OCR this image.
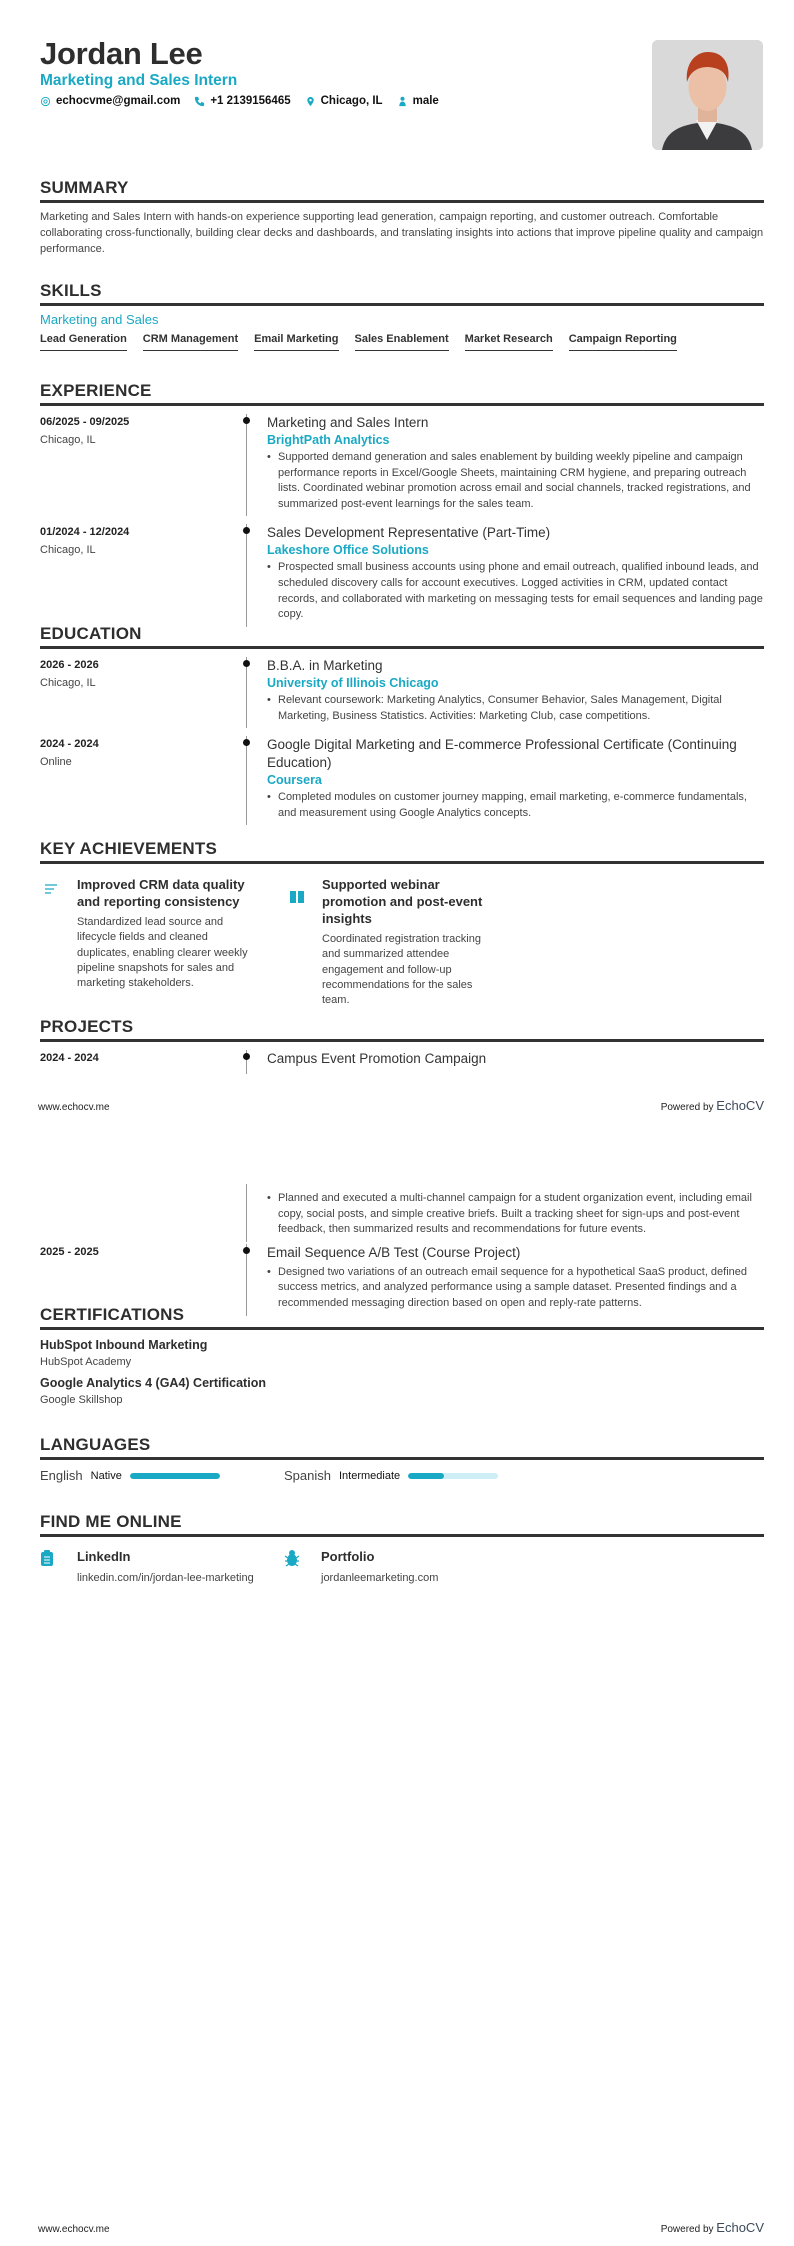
Jordan Lee
Marketing and Sales Intern
echocvme@gmail.com	+1 2139156465	Chicago, IL	male
SUMMARY

Marketing and Sales Intern with hands-on experience supporting lead generation, campaign reporting, and customer outreach. Comfortable collaborating cross-functionally, building clear decks and dashboards, and translating insights into actions that improve pipeline quality and campaign performance.

SKILLS
Marketing and Sales
Lead Generation CRM Management Email Marketing Sales Enablement Market Research Campaign Reporting
EXPERIENCE
06/2025 - 09/2025
Chicago, IL
Marketing and Sales Intern
BrightPath Analytics
• Supported demand generation and sales enablement by building weekly pipeline and campaign performance reports in Excel/Google Sheets, maintaining CRM hygiene, and preparing outreach lists. Coordinated webinar promotion across email and social channels, tracked registrations, and summarized post-event learnings for the sales team.
01/2024 - 12/2024
Chicago, IL
Sales Development Representative (Part-Time)
Lakeshore Office Solutions
• Prospected small business accounts using phone and email outreach, qualified inbound leads, and scheduled discovery calls for account executives. Logged activities in CRM, updated contact records, and collaborated with marketing on messaging tests for email sequences and landing page copy.
EDUCATION
2026 - 2026
Chicago, IL
B.B.A. in Marketing
University of Illinois Chicago
• Relevant coursework: Marketing Analytics, Consumer Behavior, Sales Management, Digital Marketing, Business Statistics. Activities: Marketing Club, case competitions.
2024 - 2024
Online
Google Digital Marketing and E-commerce Professional Certificate (Continuing Education)
Coursera
• Completed modules on customer journey mapping, email marketing, e-commerce fundamentals, and measurement using Google Analytics concepts.
KEY ACHIEVEMENTS
Improved CRM data quality and reporting consistency
Standardized lead source and lifecycle fields and cleaned duplicates, enabling clearer weekly pipeline snapshots for sales and marketing stakeholders.
Supported webinar promotion and post-event insights
Coordinated registration tracking and summarized attendee engagement and follow-up recommendations for the sales team.
PROJECTS
2024 - 2024	Campus Event Promotion Campaign
• Planned and executed a multi-channel campaign for a student organization event, including email copy, social posts, and simple creative briefs. Built a tracking sheet for sign-ups and post-event feedback, then summarized results and recommendations for future events.
2025 - 2025	Email Sequence A/B Test (Course Project)
• Designed two variations of an outreach email sequence for a hypothetical SaaS product, defined success metrics, and analyzed performance using a sample dataset. Presented findings and a recommended messaging direction based on open and reply-rate patterns.
www.echocv.me	Powered by EchoCV
CERTIFICATIONS
HubSpot Inbound Marketing
HubSpot Academy
Google Analytics 4 (GA4) Certification
Google Skillshop
LANGUAGES
English Native	Spanish Intermediate
FIND ME ONLINE
LinkedIn
linkedin.com/in/jordan-lee-marketing
Portfolio
jordanleemarketing.com
www.echocv.me	Powered by EchoCV
